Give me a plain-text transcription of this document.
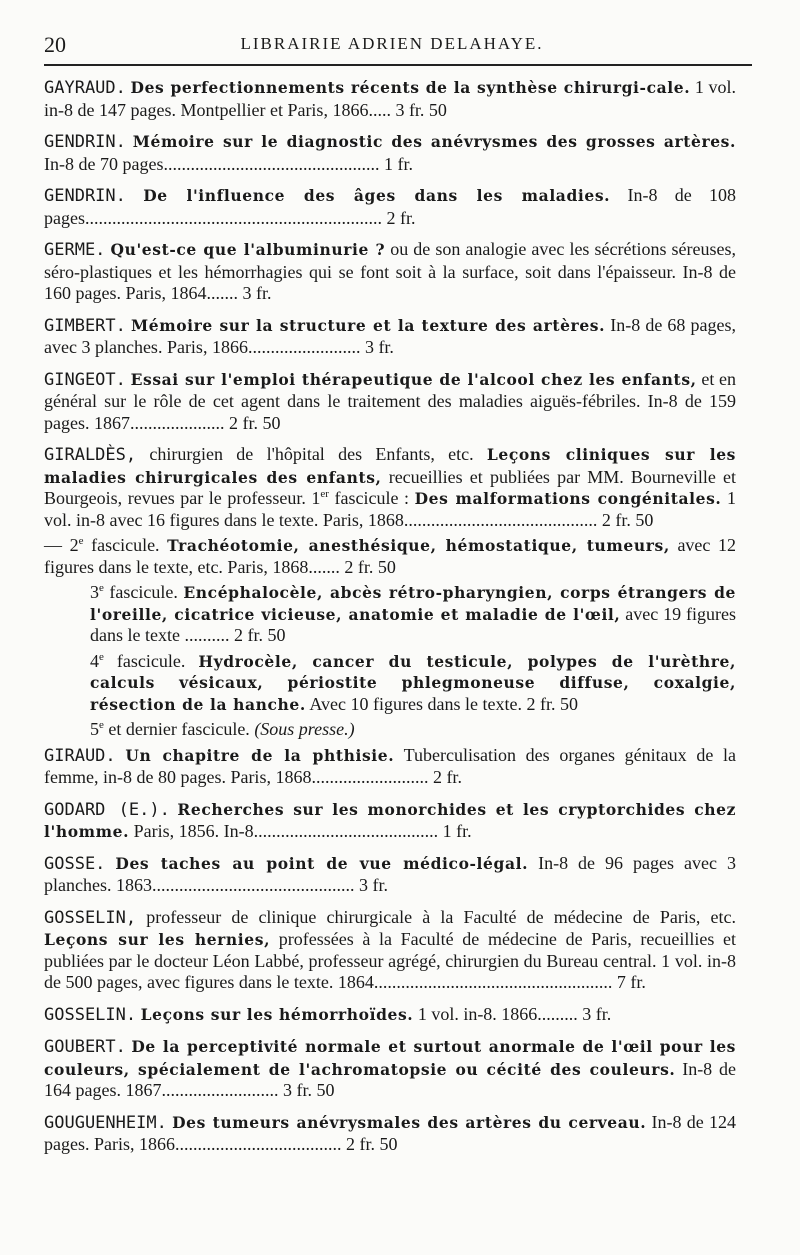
20	LIBRAIRIE ADRIEN DELAHAYE.

GAYRAUD. Des perfectionnements récents de la synthèse chirurgi-cale. 1 vol. in-8 de 147 pages. Montpellier et Paris, 1866..... 3 fr. 50

GENDRIN. Mémoire sur le diagnostic des anévrysmes des grosses artères. In-8 de 70 pages................................................ 1 fr.

GENDRIN. De l'influence des âges dans les maladies. In-8 de 108 pages.................................................................. 2 fr.

GERME. Qu'est-ce que l'albuminurie ? ou de son analogie avec les sécrétions séreuses, séro-plastiques et les hémorrhagies qui se font soit à la surface, soit dans l'épaisseur. In-8 de 160 pages. Paris, 1864....... 3 fr.

GIMBERT. Mémoire sur la structure et la texture des artères. In-8 de 68 pages, avec 3 planches. Paris, 1866......................... 3 fr.

GINGEOT. Essai sur l'emploi thérapeutique de l'alcool chez les enfants, et en général sur le rôle de cet agent dans le traitement des maladies aiguës-fébriles. In-8 de 159 pages. 1867..................... 2 fr. 50

GIRALDÈS, chirurgien de l'hôpital des Enfants, etc. Leçons cliniques sur les maladies chirurgicales des enfants, recueillies et publiées par MM. Bourneville et Bourgeois, revues par le professeur. 1er fascicule : Des malformations congénitales. 1 vol. in-8 avec 16 figures dans le texte. Paris, 1868........................................... 2 fr. 50

— 2e fascicule. Trachéotomie, anesthésique, hémostatique, tumeurs, avec 12 figures dans le texte, etc. Paris, 1868....... 2 fr. 50

3e fascicule. Encéphalocèle, abcès rétro-pharyngien, corps étrangers de l'oreille, cicatrice vicieuse, anatomie et maladie de l'œil, avec 19 figures dans le texte .......... 2 fr. 50

4e fascicule. Hydrocèle, cancer du testicule, polypes de l'urèthre, calculs vésicaux, périostite phlegmoneuse diffuse, coxalgie, résection de la hanche. Avec 10 figures dans le texte. 2 fr. 50

5e et dernier fascicule. (Sous presse.)

GIRAUD. Un chapitre de la phthisie. Tuberculisation des organes génitaux de la femme, in-8 de 80 pages. Paris, 1868.......................... 2 fr.

GODARD (E.). Recherches sur les monorchides et les cryptorchides chez l'homme. Paris, 1856. In-8......................................... 1 fr.

GOSSE. Des taches au point de vue médico-légal. In-8 de 96 pages avec 3 planches. 1863............................................. 3 fr.

GOSSELIN, professeur de clinique chirurgicale à la Faculté de médecine de Paris, etc. Leçons sur les hernies, professées à la Faculté de médecine de Paris, recueillies et publiées par le docteur Léon Labbé, professeur agrégé, chirurgien du Bureau central. 1 vol. in-8 de 500 pages, avec figures dans le texte. 1864..................................................... 7 fr.

GOSSELIN. Leçons sur les hémorrhoïdes. 1 vol. in-8. 1866......... 3 fr.

GOUBERT. De la perceptivité normale et surtout anormale de l'œil pour les couleurs, spécialement de l'achromatopsie ou cécité des couleurs. In-8 de 164 pages. 1867.......................... 3 fr. 50

GOUGUENHEIM. Des tumeurs anévrysmales des artères du cerveau. In-8 de 124 pages. Paris, 1866..................................... 2 fr. 50
